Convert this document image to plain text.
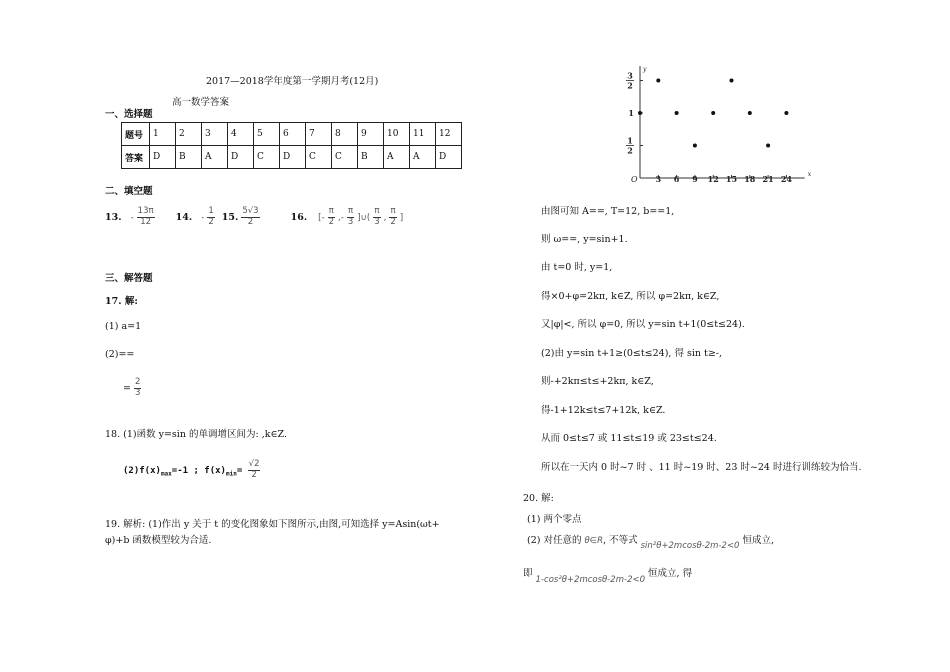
2017—2018学年度第一学期月考(12月)
高一数学答案
一、选择题
题号	1	2	3	4	5	6	7	8	9	10	11	12
答案	D	B	A	D	C	D	C	C	B	A	A	D
二、填空题
13. - $\frac{13\pi}{12} 14$. - $\frac{1}{2} 15$. $\frac{5√3}{2}$	16. [- $\frac{\pi}{2}$ ,- $\frac{\pi}{3}$ ]∪( $\frac{\pi}{3}$ , $\frac{\pi}{2}$ ]
三、解答题
17. 解:
(1) a=1
(2)==
= $\frac{2}{3}$
18. (1)函数 y=sin 的单调增区间为: ,k∈Z.
$(2)f(x)_{max}=-1$ ; $f(x)_{min}= \frac{√2}{2}$
19. 解析: (1)作出 y 关于 t 的变化图象如下图所示,由图,可知选择 y=Asin(ωt+
φ)+b 函数模型较为合适.
x
y
O 3 6 9 12 15 18 21 24
3
2
1
1
2
由图可知 A==, T=12, b==1,
则 ω==, y=sin+1.
由 t=0 时, y=1,
得×0+φ=2kπ, k∈Z, 所以 φ=2kπ, k∈Z,
又|φ|<, 所以 φ=0, 所以 y=sin t+1(0≤t≤24).
(2)由 y=sin t+1≥(0≤t≤24), 得 sin t≥-,
则-+2kπ≤t≤+2kπ, k∈Z,
得-1+12k≤t≤7+12k, k∈Z.
从而 0≤t≤7 或 11≤t≤19 或 23≤t≤24.
所以在一天内 0 时~7 时 、11 时~19 时、23 时~24 时进行训练较为恰当.
20. 解:
(1) 两个零点
(2) 对任意的 θ∈R, 不等式 sin²θ+2mcosθ-2m-2<0 恒成立,
即 1-cos²θ+2mcosθ-2m-2<0 恒成立, 得
